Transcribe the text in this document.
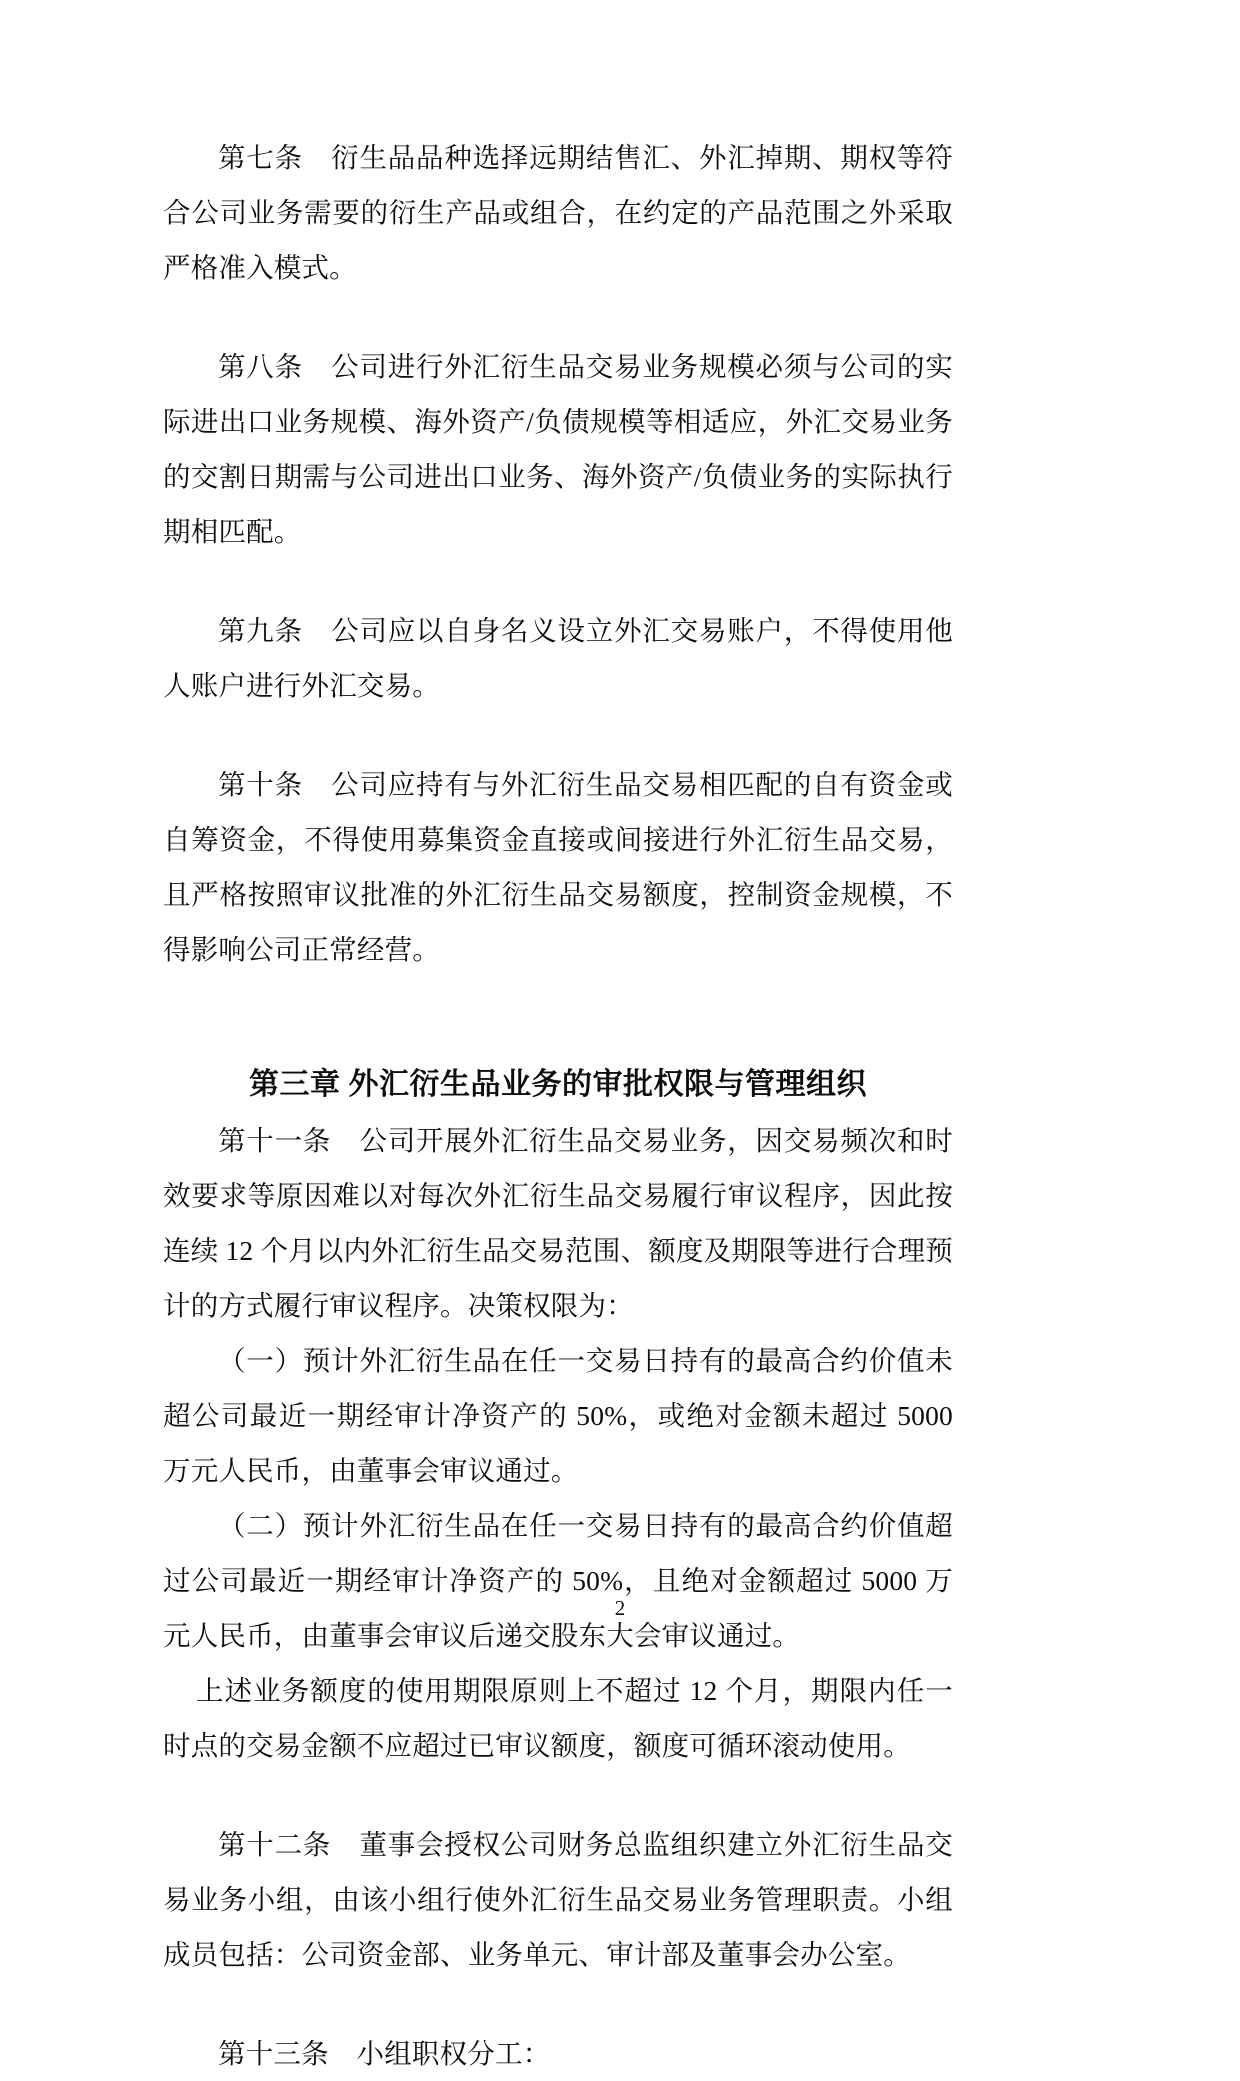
第七条　衍生品品种选择远期结售汇、外汇掉期、期权等符合公司业务需要的衍生产品或组合，在约定的产品范围之外采取严格准入模式。

第八条　公司进行外汇衍生品交易业务规模必须与公司的实际进出口业务规模、海外资产/负债规模等相适应，外汇交易业务的交割日期需与公司进出口业务、海外资产/负债业务的实际执行期相匹配。

第九条　公司应以自身名义设立外汇交易账户，不得使用他人账户进行外汇交易。

第十条　公司应持有与外汇衍生品交易相匹配的自有资金或自筹资金，不得使用募集资金直接或间接进行外汇衍生品交易，且严格按照审议批准的外汇衍生品交易额度，控制资金规模，不得影响公司正常经营。

第三章 外汇衍生品业务的审批权限与管理组织

第十一条　公司开展外汇衍生品交易业务，因交易频次和时效要求等原因难以对每次外汇衍生品交易履行审议程序，因此按连续 12 个月以内外汇衍生品交易范围、额度及期限等进行合理预计的方式履行审议程序。决策权限为：

（一）预计外汇衍生品在任一交易日持有的最高合约价值未超公司最近一期经审计净资产的 50%，或绝对金额未超过 5000 万元人民币，由董事会审议通过。

（二）预计外汇衍生品在任一交易日持有的最高合约价值超过公司最近一期经审计净资产的 50%，且绝对金额超过 5000 万元人民币，由董事会审议后递交股东大会审议通过。

上述业务额度的使用期限原则上不超过 12 个月，期限内任一时点的交易金额不应超过已审议额度，额度可循环滚动使用。

第十二条　董事会授权公司财务总监组织建立外汇衍生品交易业务小组，由该小组行使外汇衍生品交易业务管理职责。小组成员包括：公司资金部、业务单元、审计部及董事会办公室。

第十三条　小组职权分工：

2
